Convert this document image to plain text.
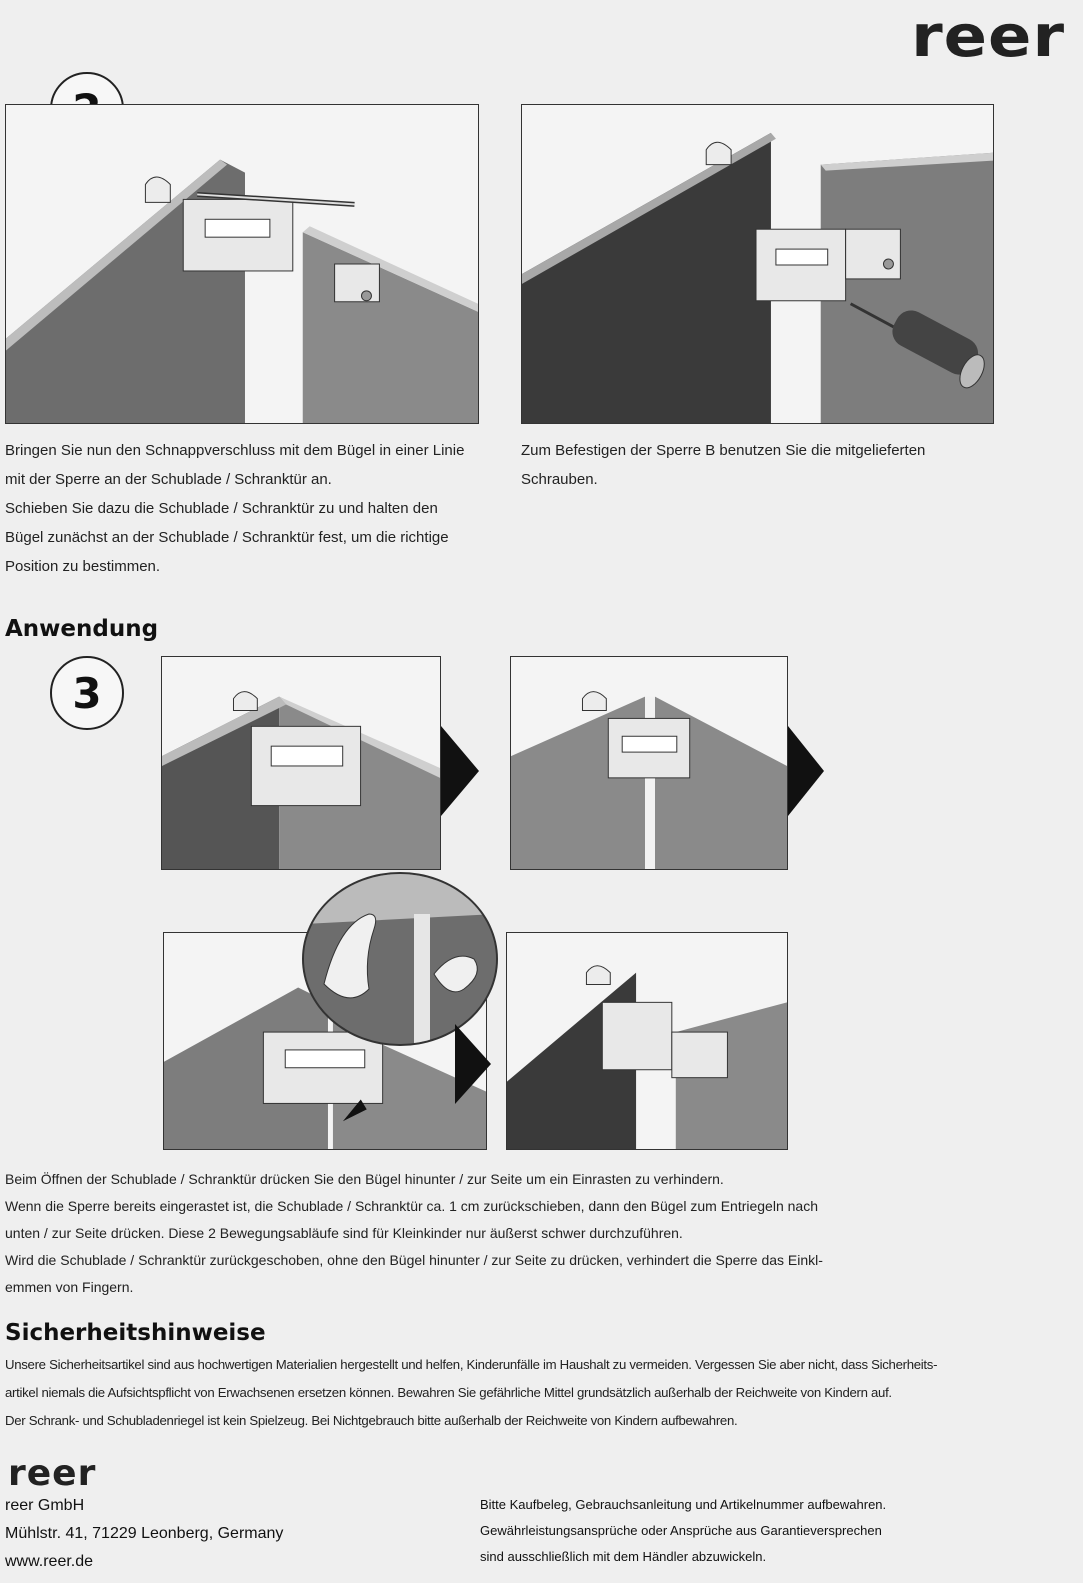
reer

Bringen Sie nun den Schnappverschluss mit dem Bügel in einer Linie

mit der Sperre an der Schublade / Schranktür an.

Schieben Sie dazu die Schublade / Schranktür zu und halten den

Bügel zunächst an der Schublade / Schranktür fest, um die richtige

Position zu bestimmen.

Zum Befestigen der Sperre B benutzen Sie die mitgelieferten

Schrauben.

Anwendung
3

Beim Öffnen der Schublade / Schranktür drücken Sie den Bügel hinunter / zur Seite um ein Einrasten zu verhindern.

Wenn die Sperre bereits eingerastet ist, die Schublade / Schranktür ca. 1 cm zurückschieben, dann den Bügel zum Entriegeln nach

unten / zur Seite drücken. Diese 2 Bewegungsabläufe sind für Kleinkinder nur äußerst schwer durchzuführen.

Wird die Schublade / Schranktür zurückgeschoben, ohne den Bügel hinunter / zur Seite zu drücken, verhindert die Sperre das Einkl-

emmen von Fingern.

Sicherheitshinweise

Unsere Sicherheitsartikel sind aus hochwertigen Materialien hergestellt und helfen, Kinderunfälle im Haushalt zu vermeiden. Vergessen Sie aber nicht, dass Sicherheits-

artikel niemals die Aufsichtspflicht von Erwachsenen ersetzen können. Bewahren Sie gefährliche Mittel grundsätzlich außerhalb der Reichweite von Kindern auf.

Der Schrank- und Schubladenriegel ist kein Spielzeug. Bei Nichtgebrauch bitte außerhalb der Reichweite von Kindern aufbewahren.

reer
reer GmbH
Mühlstr. 41, 71229 Leonberg, Germany
www.reer.de
Bitte Kaufbeleg, Gebrauchsanleitung und Artikelnummer aufbewahren.
Gewährleistungsansprüche oder Ansprüche aus Garantieversprechen
sind ausschließlich mit dem Händler abzuwickeln.
